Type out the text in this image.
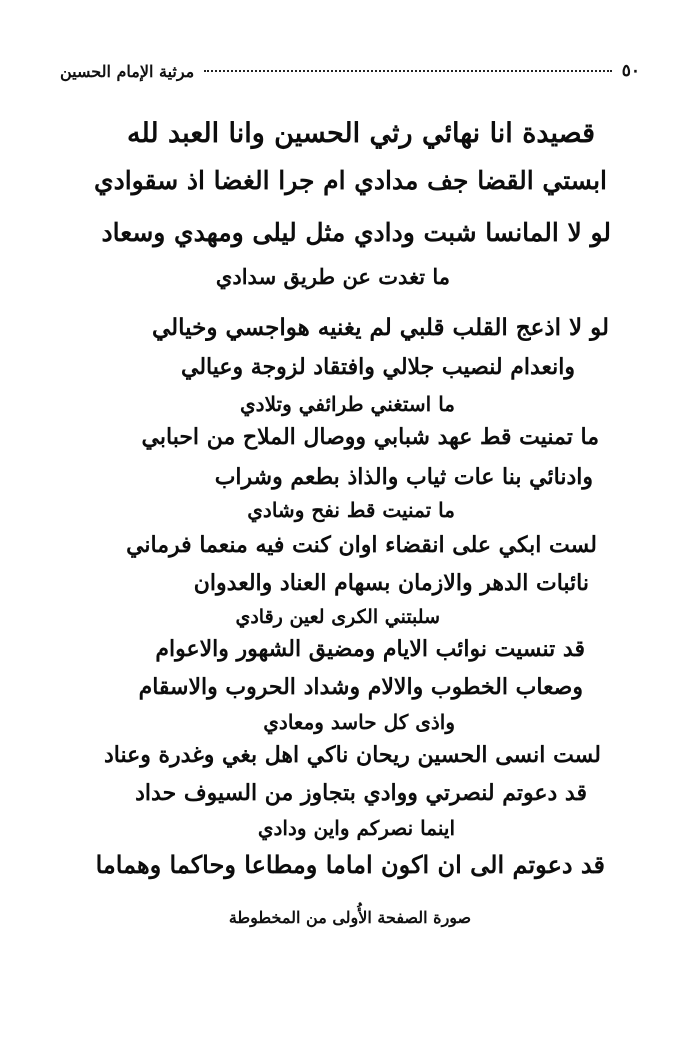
٥٠
مرثية الإمام الحسين
قصيدة انا نهائي رثي الحسين وانا العبد لله
ابستي القضا جف مدادي ام جرا الغضا اذ سقوادي
لو لا المانسا شبت ودادي مثل ليلى ومهدي وسعاد
ما تغدت عن طريق سدادي
لو لا اذعج القلب قلبي لم يغنيه هواجسي وخيالي
وانعدام لنصيب جلالي وافتقاد لزوجة وعيالي
ما استغني طرائفي وتلادي
ما تمنيت قط عهد شبابي ووصال الملاح من احبابي
وادنائي بنا عات ثياب والذاذ بطعم وشراب
ما تمنيت قط نفح وشادي
لست ابكي على انقضاء اوان كنت فيه منعما فرماني
نائبات الدهر والازمان بسهام العناد والعدوان
سلبتني الكرى لعين رقادي
قد تنسيت نوائب الايام ومضيق الشهور والاعوام
وصعاب الخطوب والالام وشداد الحروب والاسقام
واذى كل حاسد ومعادي
لست انسى الحسين ريحان ناكي اهل بغي وغدرة وعناد
قد دعوتم لنصرتي ووادي بتجاوز من السيوف حداد
اينما نصركم واين ودادي
قد دعوتم الى ان اكون اماما ومطاعا وحاكما وهماما
صورة الصفحة الأُولى من المخطوطة
